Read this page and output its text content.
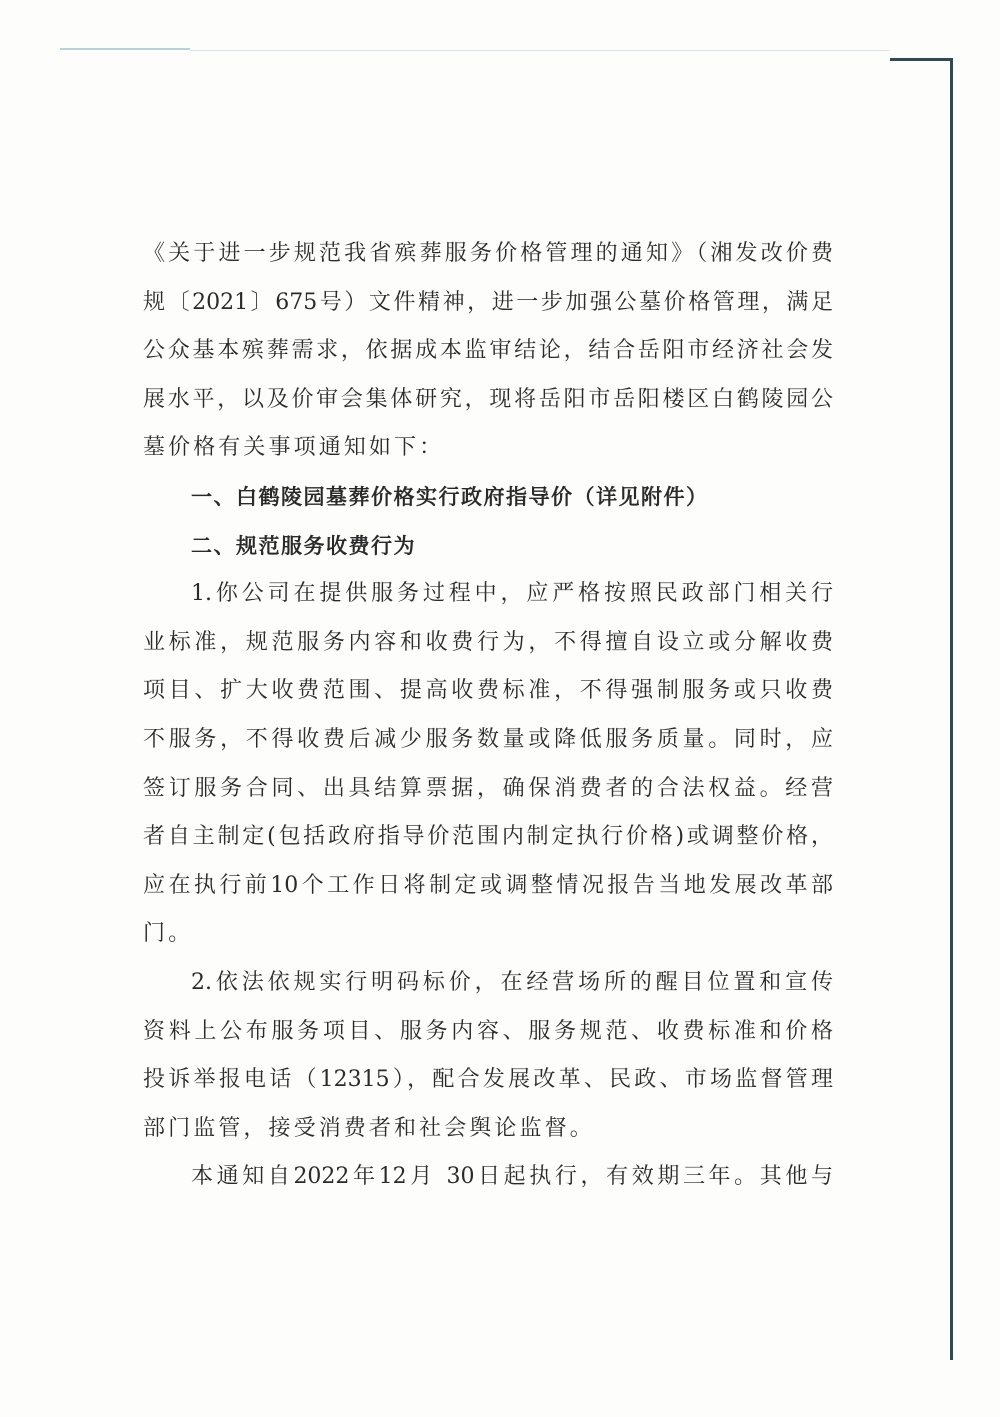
《关于进一步规范我省殡葬服务价格管理的通知》（湘发改价费
规〔2021〕675号）文件精神，进一步加强公墓价格管理，满足
公众基本殡葬需求，依据成本监审结论，结合岳阳市经济社会发
展水平，以及价审会集体研究，现将岳阳市岳阳楼区白鹤陵园公
墓价格有关事项通知如下：
一、白鹤陵园墓葬价格实行政府指导价（详见附件）
二、规范服务收费行为
1.你公司在提供服务过程中，应严格按照民政部门相关行
业标准，规范服务内容和收费行为，不得擅自设立或分解收费
项目、扩大收费范围、提高收费标准，不得强制服务或只收费
不服务，不得收费后减少服务数量或降低服务质量。同时，应
签订服务合同、出具结算票据，确保消费者的合法权益。经营
者自主制定(包括政府指导价范围内制定执行价格)或调整价格，
应在执行前10个工作日将制定或调整情况报告当地发展改革部
门。
2.依法依规实行明码标价，在经营场所的醒目位置和宣传
资料上公布服务项目、服务内容、服务规范、收费标准和价格
投诉举报电话（12315），配合发展改革、民政、市场监督管理
部门监管，接受消费者和社会舆论监督。
本通知自2022年12月 30日起执行，有效期三年。其他与
